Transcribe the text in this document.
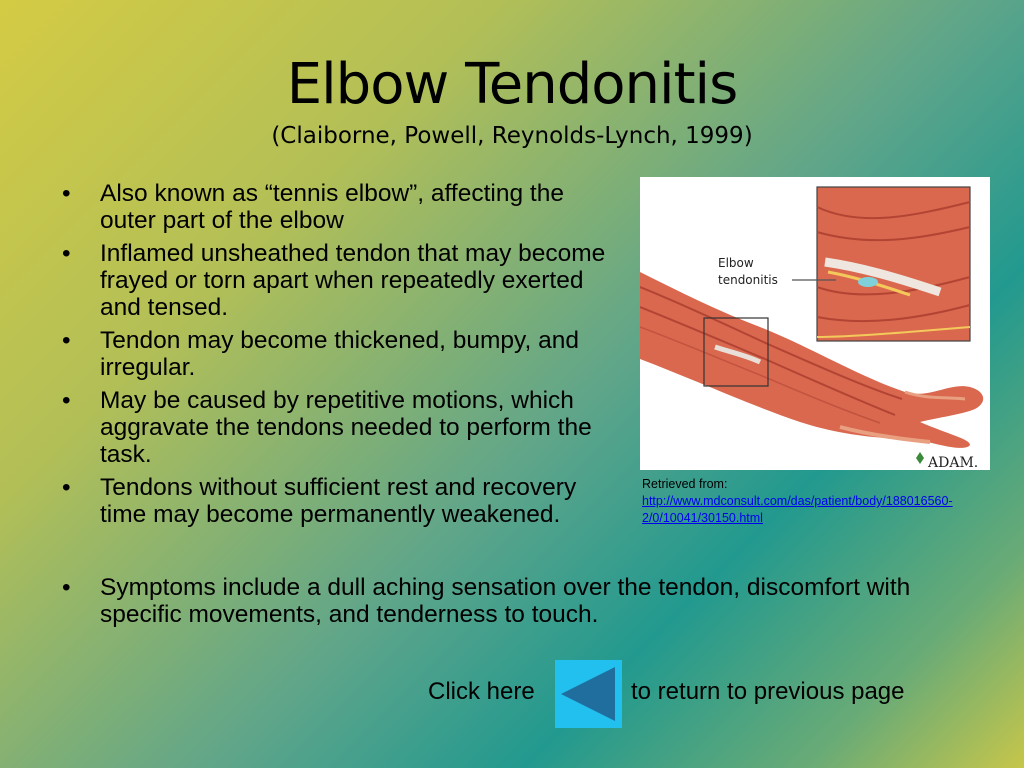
Elbow Tendonitis
(Claiborne, Powell, Reynolds-Lynch, 1999)
• Also known as “tennis elbow”, affecting the outer part of the elbow
• Inflamed unsheathed tendon that may become frayed or torn apart when repeatedly exerted and tensed.
• Tendon may become thickened, bumpy, and irregular.
• May be caused by repetitive motions, which aggravate the tendons needed to perform the task.
• Tendons without sufficient rest and recovery time may become permanently weakened.
• Symptoms include a dull aching sensation over the tendon, discomfort with specific movements, and tenderness to touch.
Elbow
tendonitis
ADAM.
Retrieved from:
http://www.mdconsult.com/das/patient/body/188016560-2/0/10041/30150.html
Click here	to return to previous page
